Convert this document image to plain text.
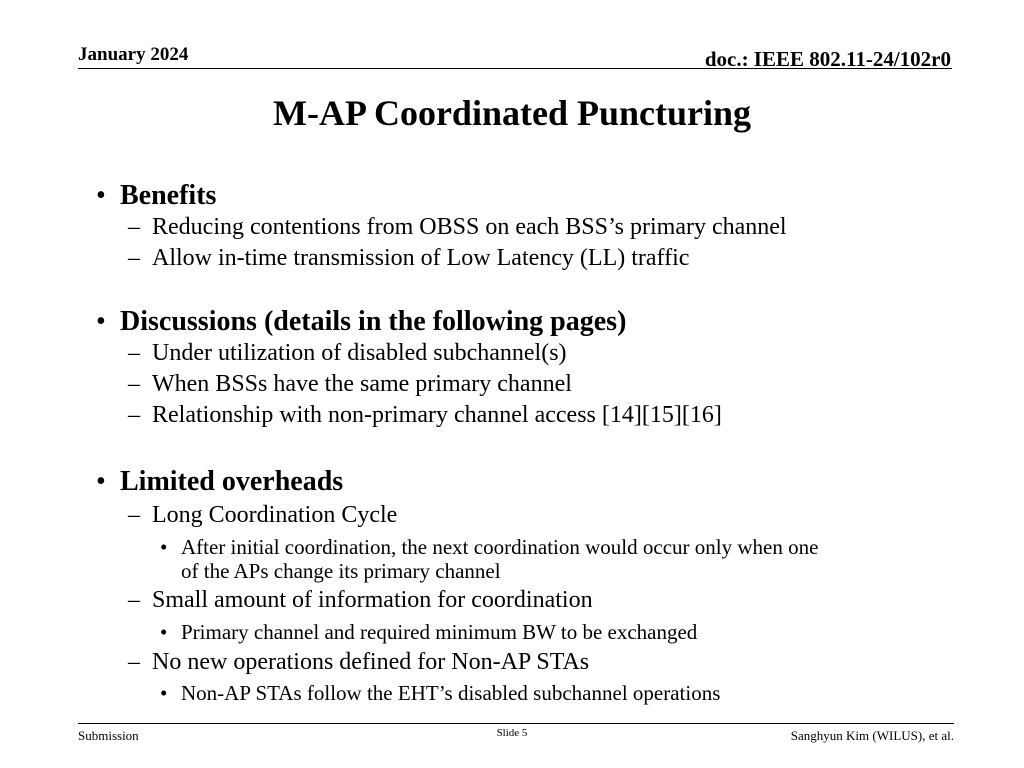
January 2024	doc.: IEEE 802.11-24/102r0
M-AP Coordinated Puncturing
• Benefits
– Reducing contentions from OBSS on each BSS’s primary channel
– Allow in-time transmission of Low Latency (LL) traffic
• Discussions (details in the following pages)
– Under utilization of disabled subchannel(s)
– When BSSs have the same primary channel
– Relationship with non-primary channel access [14][15][16]
• Limited overheads
– Long Coordination Cycle
• After initial coordination, the next coordination would occur only when one
of the APs change its primary channel
– Small amount of information for coordination
• Primary channel and required minimum BW to be exchanged
– No new operations defined for Non-AP STAs
• Non-AP STAs follow the EHT’s disabled subchannel operations
Submission	Slide 5	Sanghyun Kim (WILUS), et al.
